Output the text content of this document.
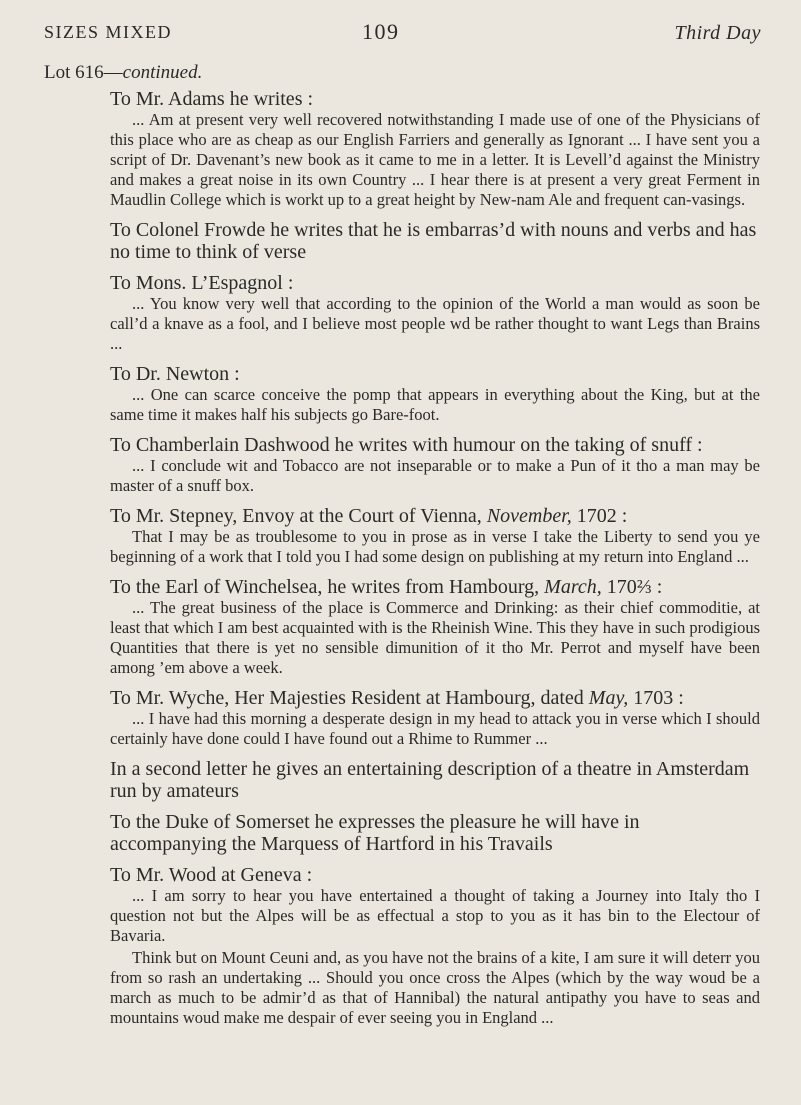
SIZES MIXED	109	Third Day
Lot 616—continued.

To Mr. Adams he writes :

... Am at present very well recovered notwithstanding I made use of one of the Physicians of this place who are as cheap as our English Farriers and generally as Ignorant ... I have sent you a script of Dr. Davenant’s new book as it came to me in a letter. It is Levell’d against the Ministry and makes a great noise in its own Country ... I hear there is at present a very great Ferment in Maudlin College which is workt up to a great height by New-nam Ale and frequent can-vasings.

To Colonel Frowde he writes that he is embarras’d with nouns and verbs and has no time to think of verse

To Mons. L’Espagnol :

... You know very well that according to the opinion of the World a man would as soon be call’d a knave as a fool, and I believe most people wd be rather thought to want Legs than Brains ...

To Dr. Newton :

... One can scarce conceive the pomp that appears in everything about the King, but at the same time it makes half his subjects go Bare-foot.

To Chamberlain Dashwood he writes with humour on the taking of snuff :

... I conclude wit and Tobacco are not inseparable or to make a Pun of it tho a man may be master of a snuff box.

To Mr. Stepney, Envoy at the Court of Vienna, November, 1702 :

That I may be as troublesome to you in prose as in verse I take the Liberty to send you ye beginning of a work that I told you I had some design on publishing at my return into England ...

To the Earl of Winchelsea, he writes from Hambourg, March, 170⅔ :

... The great business of the place is Commerce and Drinking: as their chief commoditie, at least that which I am best acquainted with is the Rheinish Wine. This they have in such prodigious Quantities that there is yet no sensible dimunition of it tho Mr. Perrot and myself have been among ’em above a week.

To Mr. Wyche, Her Majesties Resident at Hambourg, dated May, 1703 :

... I have had this morning a desperate design in my head to attack you in verse which I should certainly have done could I have found out a Rhime to Rummer ...

In a second letter he gives an entertaining description of a theatre in Amsterdam run by amateurs

To the Duke of Somerset he expresses the pleasure he will have in accompanying the Marquess of Hartford in his Travails

To Mr. Wood at Geneva :

... I am sorry to hear you have entertained a thought of taking a Journey into Italy tho I question not but the Alpes will be as effectual a stop to you as it has bin to the Electour of Bavaria.

Think but on Mount Ceuni and, as you have not the brains of a kite, I am sure it will deterr you from so rash an undertaking ... Should you once cross the Alpes (which by the way woud be a march as much to be admir’d as that of Hannibal) the natural antipathy you have to seas and mountains woud make me despair of ever seeing you in England ...
